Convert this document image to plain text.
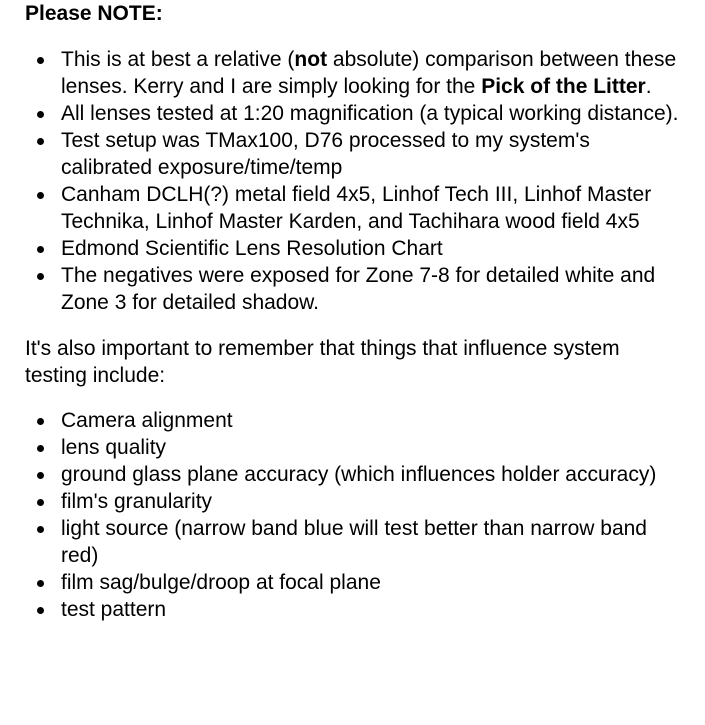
Please NOTE:
This is at best a relative (not absolute) comparison between these lenses. Kerry and I are simply looking for the Pick of the Litter.
All lenses tested at 1:20 magnification (a typical working distance).
Test setup was TMax100, D76 processed to my system's calibrated exposure/time/temp
Canham DCLH(?) metal field 4x5, Linhof Tech III, Linhof Master Technika, Linhof Master Karden, and Tachihara wood field 4x5
Edmond Scientific Lens Resolution Chart
The negatives were exposed for Zone 7-8 for detailed white and Zone 3 for detailed shadow.

It's also important to remember that things that influence system testing include:

Camera alignment
lens quality
ground glass plane accuracy (which influences holder accuracy)
film's granularity
light source (narrow band blue will test better than narrow band red)
film sag/bulge/droop at focal plane
test pattern
